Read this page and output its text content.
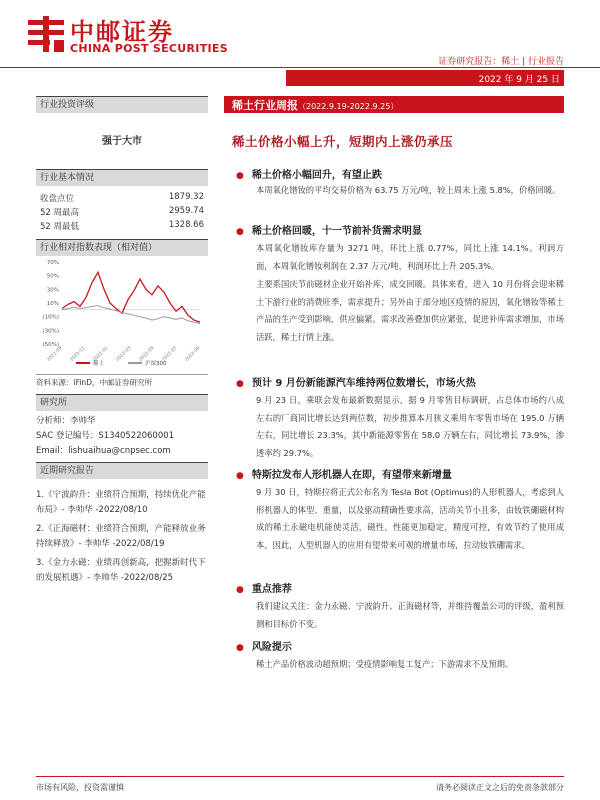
中邮证券
CHINA POST SECURITIES
证券研究报告：稀土 | 行业报告
2022 年 9 月 25 日
行业投资评级
强于大市
行业基本情况
收盘点位	1879.32
52 周最高	2959.74
52 周最低	1328.66
行业相对指数表现（相对值）
70%
50%
30%
10%
(10%)
(30%)
(50%)
2021-09 2021-11 2022-01 2022-03 2022-05 2022-07 2022-09
稀土	沪深300
资料来源：iFinD，中邮证券研究所
研究所
分析师：李帅华
SAC 登记编号：S1340522060001
Email：lishuaihua@cnpsec.com
近期研究报告
1.《宁波韵升：业绩符合预期，持续优化产能布局》- 李帅华 -2022/08/10
2.《正海磁材：业绩符合预期，产能释放业务持续释放》- 李帅华 -2022/08/19
3.《金力永磁：业绩再创新高，把握新时代下的发展机遇》- 李帅华 -2022/08/25
稀土行业周报（2022.9.19-2022.9.25）
稀土价格小幅上升，短期内上涨仍承压
● 稀土价格小幅回升，有望止跌
本周氧化镨钕的平均交易价格为 63.75 万元/吨，较上周末上涨 5.8%，价格回暖。
● 稀土价格回暖，十一节前补货需求明显
本周氧化镨钕库存量为 3271 吨，环比上涨 0.77%，同比上涨 14.1%。利润方面，本周氧化镨钕利润在 2.37 万元/吨，利润环比上升 205.3%。
主要系国庆节前磁材企业开始补库，成交回暖。具体来看，进入 10 月份将会迎来稀土下游行业的消费旺季，需求提升；另外由于部分地区疫情的原因，氧化镨钕等稀土产品的生产受到影响，供应偏紧。需求改善叠加供应紧张，促进补库需求增加，市场活跃，稀土行情上涨。
● 预计 9 月份新能源汽车维持两位数增长，市场火热
9 月 23 日，乘联会发布最新数据显示，据 9 月零售目标调研，占总体市场约八成左右的厂商同比增长达到两位数，初步推算本月狭义乘用车零售市场在 195.0 万辆左右，同比增长 23.3%，其中新能源零售在 58.0 万辆左右，同比增长 73.9%，渗透率约 29.7%。
● 特斯拉发布人形机器人在即，有望带来新增量
9 月 30 日，特斯拉将正式公布名为 Tesla Bot (Optimus)的人形机器人，考虑到人形机器人的体型、重量，以及驱动精确性要求高，活动关节小且多，由钕铁硼磁材构成的稀土永磁电机能使灵活，磁性，性能更加稳定，精度可控，有效节约了使用成本。因此，人型机器人的应用有望带来可观的增量市场，拉动钕铁硼需求。
● 重点推荐
我们建议关注：金力永磁、宁波韵升、正海磁材等，并维持覆盖公司的评级，盈利预测和目标价不变。
● 风险提示
稀土产品价格波动超预期；受疫情影响复工复产；下游需求不及预期。
市场有风险，投资需谨慎	请务必阅读正文之后的免责条款部分
